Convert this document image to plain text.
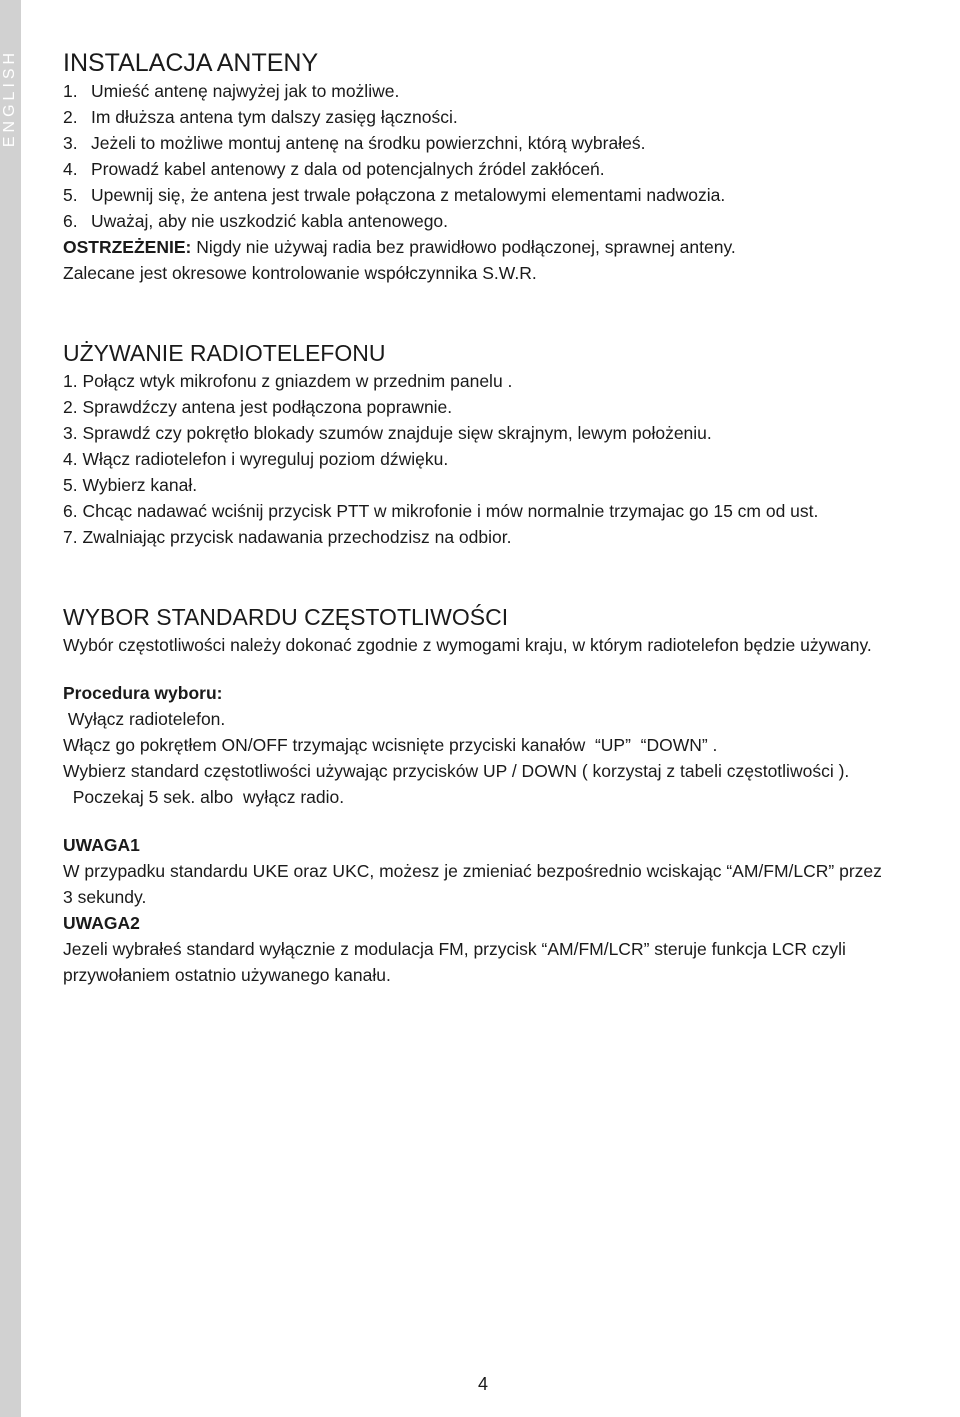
ENGLISH INSTALACJA ANTENY
1. Umieść antenę najwyżej jak to możliwe.
2. Im dłuższa antena tym dalszy zasięg łączności.
3. Jeżeli to możliwe montuj antenę na środku powierzchni, którą wybrałeś.
4. Prowadź kabel antenowy z dala od potencjalnych źródel zakłóceń.
5. Upewnij się, że antena jest trwale połączona z metalowymi elementami nadwozia.
6. Uważaj, aby nie uszkodzić kabla antenowego.
OSTRZEŻENIE: Nigdy nie używaj radia bez prawidłowo podłączonej, sprawnej anteny.
Zalecane jest okresowe kontrolowanie współczynnika S.W.R.
UŻYWANIE RADIOTELEFONU
1. Połącz wtyk mikrofonu z gniazdem w przednim panelu .
2. Sprawdźczy antena jest podłączona poprawnie.
3. Sprawdź czy pokrętło blokady szumów znajduje sięw skrajnym, lewym położeniu.
4. Włącz radiotelefon i wyreguluj poziom dźwięku.
5. Wybierz kanał.
6. Chcąc nadawać wciśnij przycisk PTT w mikrofonie i mów normalnie trzymajac go 15 cm od ust.
7. Zwalniając przycisk nadawania przechodzisz na odbior.
WYBOR STANDARDU CZĘSTOTLIWOŚCI

Wybór częstotliwości należy dokonać zgodnie z wymogami kraju, w którym radiotelefon będzie używany.

Procedura wyboru:
Wyłącz radiotelefon.
Włącz go pokrętłem ON/OFF trzymając wcisnięte przyciski kanałów  “UP”  “DOWN” .
Wybierz standard częstotliwości używając przycisków UP / DOWN ( korzystaj z tabeli częstotliwości ).
Poczekaj 5 sek. albo  wyłącz radio.
UWAGA1
W przypadku standardu UKE oraz UKC, możesz je zmieniać bezpośrednio wciskając “AM/FM/LCR” przez 3 sekundy.
UWAGA2
Jezeli wybrałeś standard wyłącznie z modulacja FM, przycisk “AM/FM/LCR” steruje funkcja LCR czyli przywołaniem ostatnio używanego kanału.
4
